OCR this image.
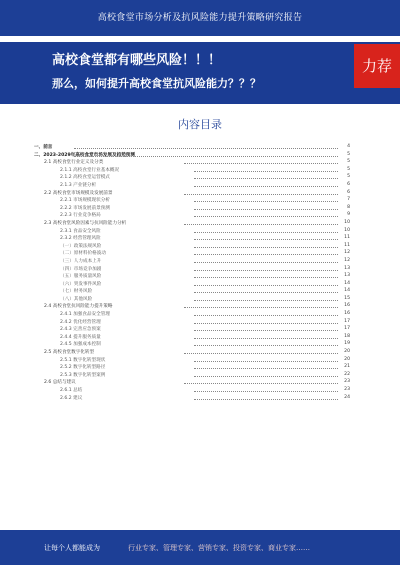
高校食堂市场分析及抗风险能力提升策略研究报告
高校食堂都有哪些风险！！！
那么，如何提升高校食堂抗风险能力？？？
力荐
内容目录
一、前言	4
二、2023-2029年高校食堂市场发展及趋势预测	5
2.1 高校食堂行业定义及分类	5
2.1.1 高校食堂行业基本概况	5
2.1.2 高校食堂运营模式	5
2.1.3 产业链分析	6
2.2 高校食堂市场规模及发展前景	6
2.2.1 市场规模现状分析	7
2.2.2 市场发展前景预测	8
2.2.3 行业竞争格局	9
2.3 高校食堂风险因素与抗风险能力分析	10
2.3.1 食品安全风险	10
2.3.2 经营管理风险	11
（一）政策法规风险	11
（二）原材料价格波动	12
（三）人力成本上升	12
（四）市场竞争加剧	13
（五）服务质量风险	13
（六）突发事件风险	14
（七）财务风险	14
（八）其他风险	15
2.4 高校食堂抗风险能力提升策略	16
2.4.1 加强食品安全管理	16
2.4.2 优化经营管理	17
2.4.3 完善应急预案	17
2.4.4 提升服务质量	18
2.4.5 加强成本控制	19
2.5 高校食堂数字化转型	20
2.5.1 数字化转型现状	20
2.5.2 数字化转型路径	21
2.5.3 数字化转型案例	22
2.6 总结与建议	23
2.6.1 总结	23
2.6.2 建议	24
让每个人都能成为	行业专家、管理专家、营销专家、投资专家、商业专家……
